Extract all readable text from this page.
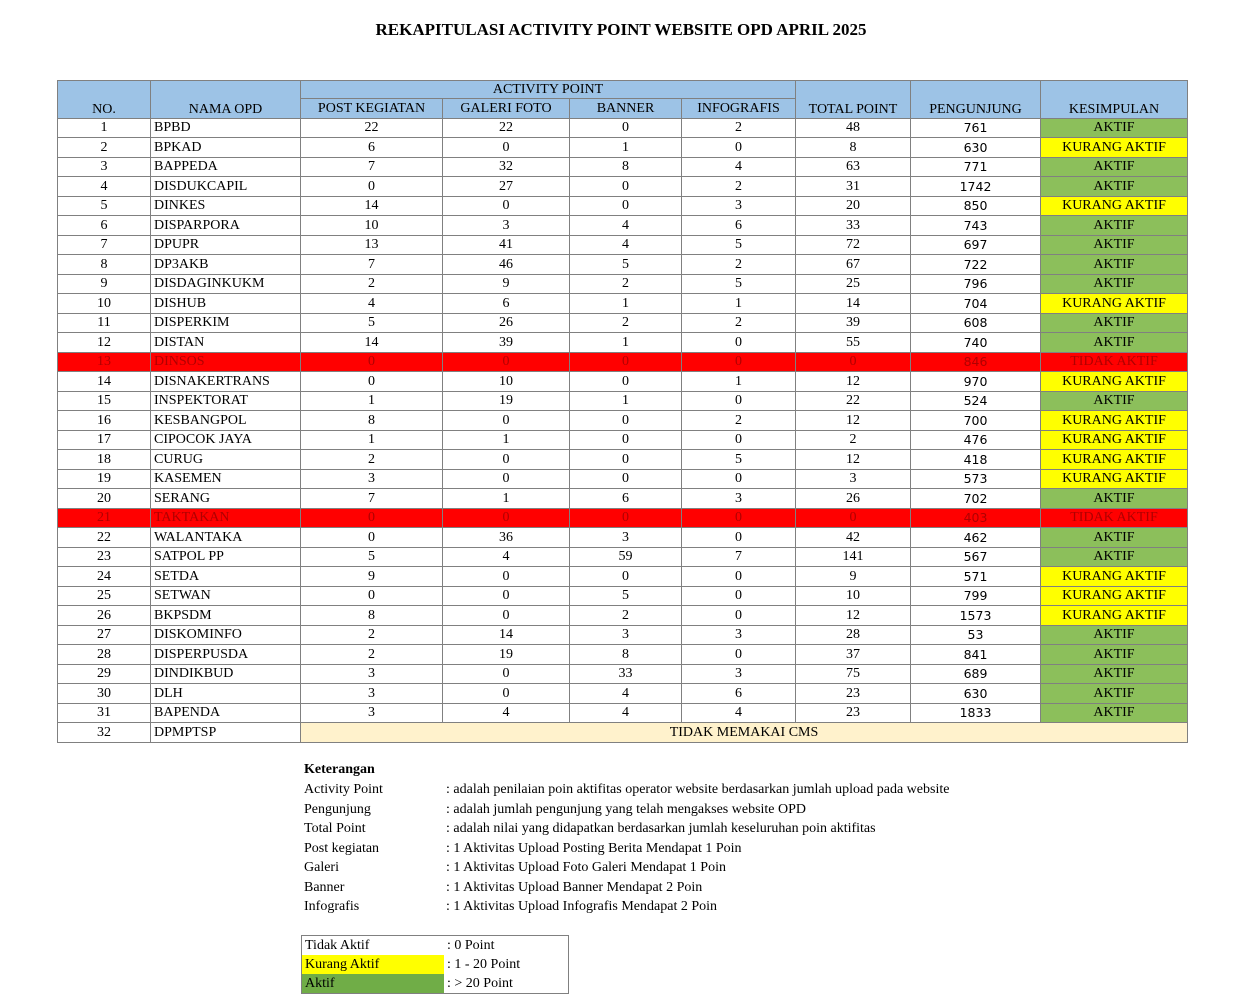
REKAPITULASI ACTIVITY POINT WEBSITE OPD APRIL 2025
NO.	NAMA OPD	ACTIVITY POINT				TOTAL POINT	PENGUNJUNG	KESIMPULAN
		POST KEGIATAN	GALERI FOTO	BANNER	INFOGRAFIS			
1	BPBD	22	22	0	2	48	761	AKTIF
2	BPKAD	6	0	1	0	8	630	KURANG AKTIF
3	BAPPEDA	7	32	8	4	63	771	AKTIF
4	DISDUKCAPIL	0	27	0	2	31	1742	AKTIF
5	DINKES	14	0	0	3	20	850	KURANG AKTIF
6	DISPARPORA	10	3	4	6	33	743	AKTIF
7	DPUPR	13	41	4	5	72	697	AKTIF
8	DP3AKB	7	46	5	2	67	722	AKTIF
9	DISDAGINKUKM	2	9	2	5	25	796	AKTIF
10	DISHUB	4	6	1	1	14	704	KURANG AKTIF
11	DISPERKIM	5	26	2	2	39	608	AKTIF
12	DISTAN	14	39	1	0	55	740	AKTIF
13	DINSOS	0	0	0	0	0	846	TIDAK AKTIF
14	DISNAKERTRANS	0	10	0	1	12	970	KURANG AKTIF
15	INSPEKTORAT	1	19	1	0	22	524	AKTIF
16	KESBANGPOL	8	0	0	2	12	700	KURANG AKTIF
17	CIPOCOK JAYA	1	1	0	0	2	476	KURANG AKTIF
18	CURUG	2	0	0	5	12	418	KURANG AKTIF
19	KASEMEN	3	0	0	0	3	573	KURANG AKTIF
20	SERANG	7	1	6	3	26	702	AKTIF
21	TAKTAKAN	0	0	0	0	0	403	TIDAK AKTIF
22	WALANTAKA	0	36	3	0	42	462	AKTIF
23	SATPOL PP	5	4	59	7	141	567	AKTIF
24	SETDA	9	0	0	0	9	571	KURANG AKTIF
25	SETWAN	0	0	5	0	10	799	KURANG AKTIF
26	BKPSDM	8	0	2	0	12	1573	KURANG AKTIF
27	DISKOMINFO	2	14	3	3	28	53	AKTIF
28	DISPERPUSDA	2	19	8	0	37	841	AKTIF
29	DINDIKBUD	3	0	33	3	75	689	AKTIF
30	DLH	3	0	4	6	23	630	AKTIF
31	BAPENDA	3	4	4	4	23	1833	AKTIF
32	DPMPTSP	TIDAK MEMAKAI CMS						
Keterangan
Activity Point	: adalah penilaian poin aktifitas operator website berdasarkan jumlah upload pada website
Pengunjung	: adalah jumlah pengunjung yang telah mengakses website OPD
Total Point	: adalah nilai yang didapatkan berdasarkan jumlah keseluruhan poin aktifitas
Post kegiatan	: 1 Aktivitas Upload Posting Berita Mendapat 1 Poin
Galeri	: 1 Aktivitas Upload Foto Galeri Mendapat 1 Poin
Banner	: 1 Aktivitas Upload Banner Mendapat 2 Poin
Infografis	: 1 Aktivitas Upload Infografis Mendapat 2 Poin
Tidak Aktif	: 0 Point
Kurang Aktif	: 1 - 20 Point
Aktif	: > 20 Point
